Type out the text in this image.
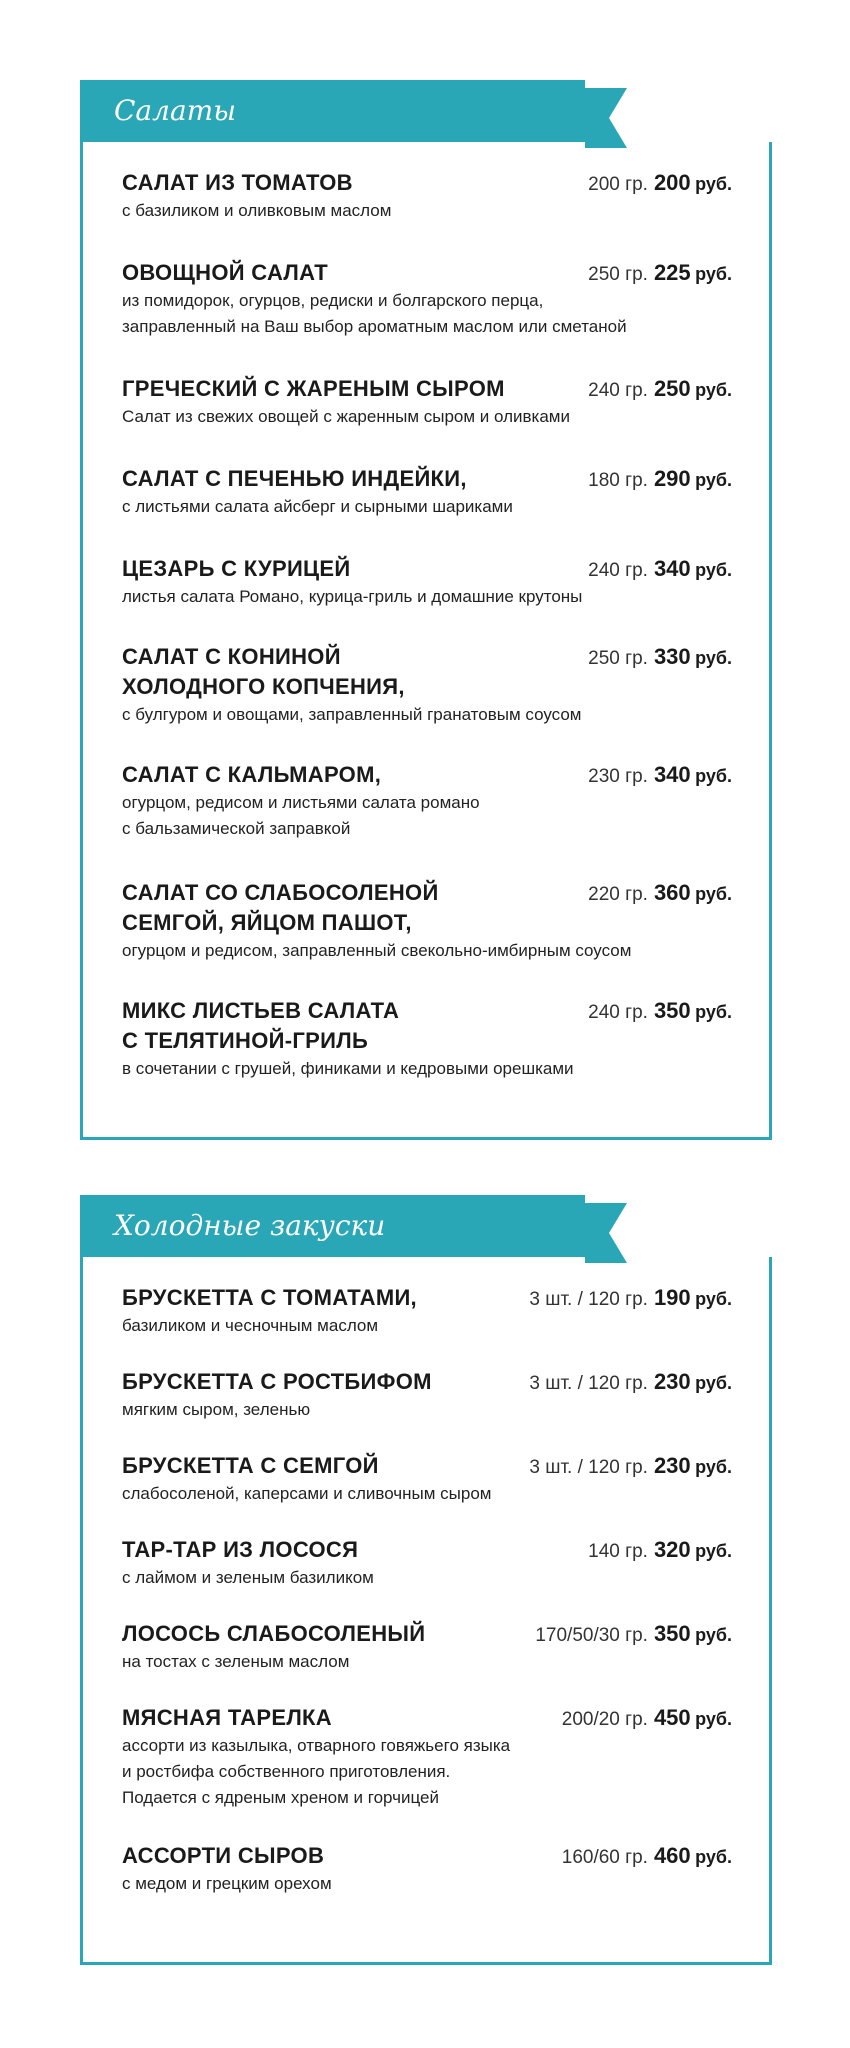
Салаты
САЛАТ ИЗ ТОМАТОВ	200 гр. 200 руб.
с базиликом и оливковым маслом
ОВОЩНОЙ САЛАТ	250 гр. 225 руб.
из помидорок, огурцов, редиски и болгарского перца,
заправленный на Ваш выбор ароматным маслом или сметаной
ГРЕЧЕСКИЙ С ЖАРЕНЫМ СЫРОМ	240 гр. 250 руб.
Салат из свежих овощей с жаренным сыром и оливками
САЛАТ С ПЕЧЕНЬЮ ИНДЕЙКИ,	180 гр. 290 руб.
с листьями салата айсберг и сырными шариками
ЦЕЗАРЬ С КУРИЦЕЙ	240 гр. 340 руб.
листья салата Романо, курица-гриль и домашние крутоны
САЛАТ С КОНИНОЙ
ХОЛОДНОГО КОПЧЕНИЯ,
250 гр. 330 руб.
с булгуром и овощами, заправленный гранатовым соусом
САЛАТ С КАЛЬМАРОМ,	230 гр. 340 руб.
огурцом, редисом и листьями салата романо
с бальзамической заправкой
САЛАТ СО СЛАБОСОЛЕНОЙ
СЕМГОЙ, ЯЙЦОМ ПАШОТ,
220 гр. 360 руб.
огурцом и редисом, заправленный свекольно-имбирным соусом
МИКС ЛИСТЬЕВ САЛАТА
С ТЕЛЯТИНОЙ-ГРИЛЬ
240 гр. 350 руб.
в сочетании с грушей, финиками и кедровыми орешками
Холодные закуски
БРУСКЕТТА С ТОМАТАМИ,	3 шт. / 120 гр. 190 руб.
базиликом и чесночным маслом
БРУСКЕТТА С РОСТБИФОМ	3 шт. / 120 гр. 230 руб.
мягким сыром, зеленью
БРУСКЕТТА С СЕМГОЙ	3 шт. / 120 гр. 230 руб.
слабосоленой, каперсами и сливочным сыром
ТАР-ТАР ИЗ ЛОСОСЯ	140 гр. 320 руб.
с лаймом и зеленым базиликом
ЛОСОСЬ СЛАБОСОЛЕНЫЙ	170/50/30 гр. 350 руб.
на тостах с зеленым маслом
МЯСНАЯ ТАРЕЛКА	200/20 гр. 450 руб.
ассорти из казылыка, отварного говяжьего языка
и ростбифа собственного приготовления.
Подается с ядреным хреном и горчицей
АССОРТИ СЫРОВ	160/60 гр. 460 руб.
с медом и грецким орехом
